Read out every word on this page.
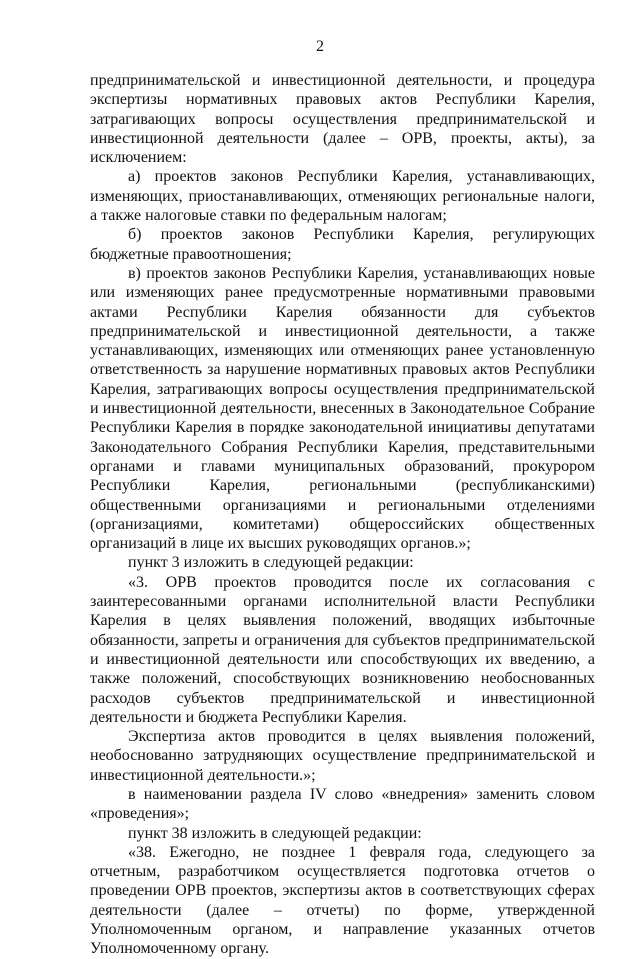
2

предпринимательской и инвестиционной деятельности, и процедура экспертизы нормативных правовых актов Республики Карелия, затрагивающих вопросы осуществления предпринимательской и инвестиционной деятельности (далее – ОРВ, проекты, акты), за исключением:

а) проектов законов Республики Карелия, устанавливающих, изменяющих, приостанавливающих, отменяющих региональные налоги, а также налоговые ставки по федеральным налогам;

б) проектов законов Республики Карелия, регулирующих бюджетные правоотношения;

в) проектов законов Республики Карелия, устанавливающих новые или изменяющих ранее предусмотренные нормативными правовыми актами Республики Карелия обязанности для субъектов предпринимательской и инвестиционной деятельности, а также устанавливающих, изменяющих или отменяющих ранее установленную ответственность за нарушение нормативных правовых актов Республики Карелия, затрагивающих вопросы осуществления предпринимательской и инвестиционной деятельности, внесенных в Законодательное Собрание Республики Карелия в порядке законодательной инициативы депутатами Законодательного Собрания Республики Карелия, представительными органами и главами муниципальных образований, прокурором Республики Карелия, региональными (республиканскими) общественными организациями и региональными отделениями (организациями, комитетами) общероссийских общественных организаций в лице их высших руководящих органов.»;

пункт 3 изложить в следующей редакции:

«3. ОРВ проектов проводится после их согласования с заинтересованными органами исполнительной власти Республики Карелия в целях выявления положений, вводящих избыточные обязанности, запреты и ограничения для субъектов предпринимательской и инвестиционной деятельности или способствующих их введению, а также положений, способствующих возникновению необоснованных расходов субъектов предпринимательской и инвестиционной деятельности и бюджета Республики Карелия.

Экспертиза актов проводится в целях выявления положений, необоснованно затрудняющих осуществление предпринимательской и инвестиционной деятельности.»;

в наименовании раздела IV слово «внедрения» заменить словом «проведения»;

пункт 38 изложить в следующей редакции:

«38. Ежегодно, не позднее 1 февраля года, следующего за отчетным, разработчиком осуществляется подготовка отчетов о проведении ОРВ проектов, экспертизы актов в соответствующих сферах деятельности (далее – отчеты) по форме, утвержденной Уполномоченным органом, и направление указанных отчетов Уполномоченному органу.
